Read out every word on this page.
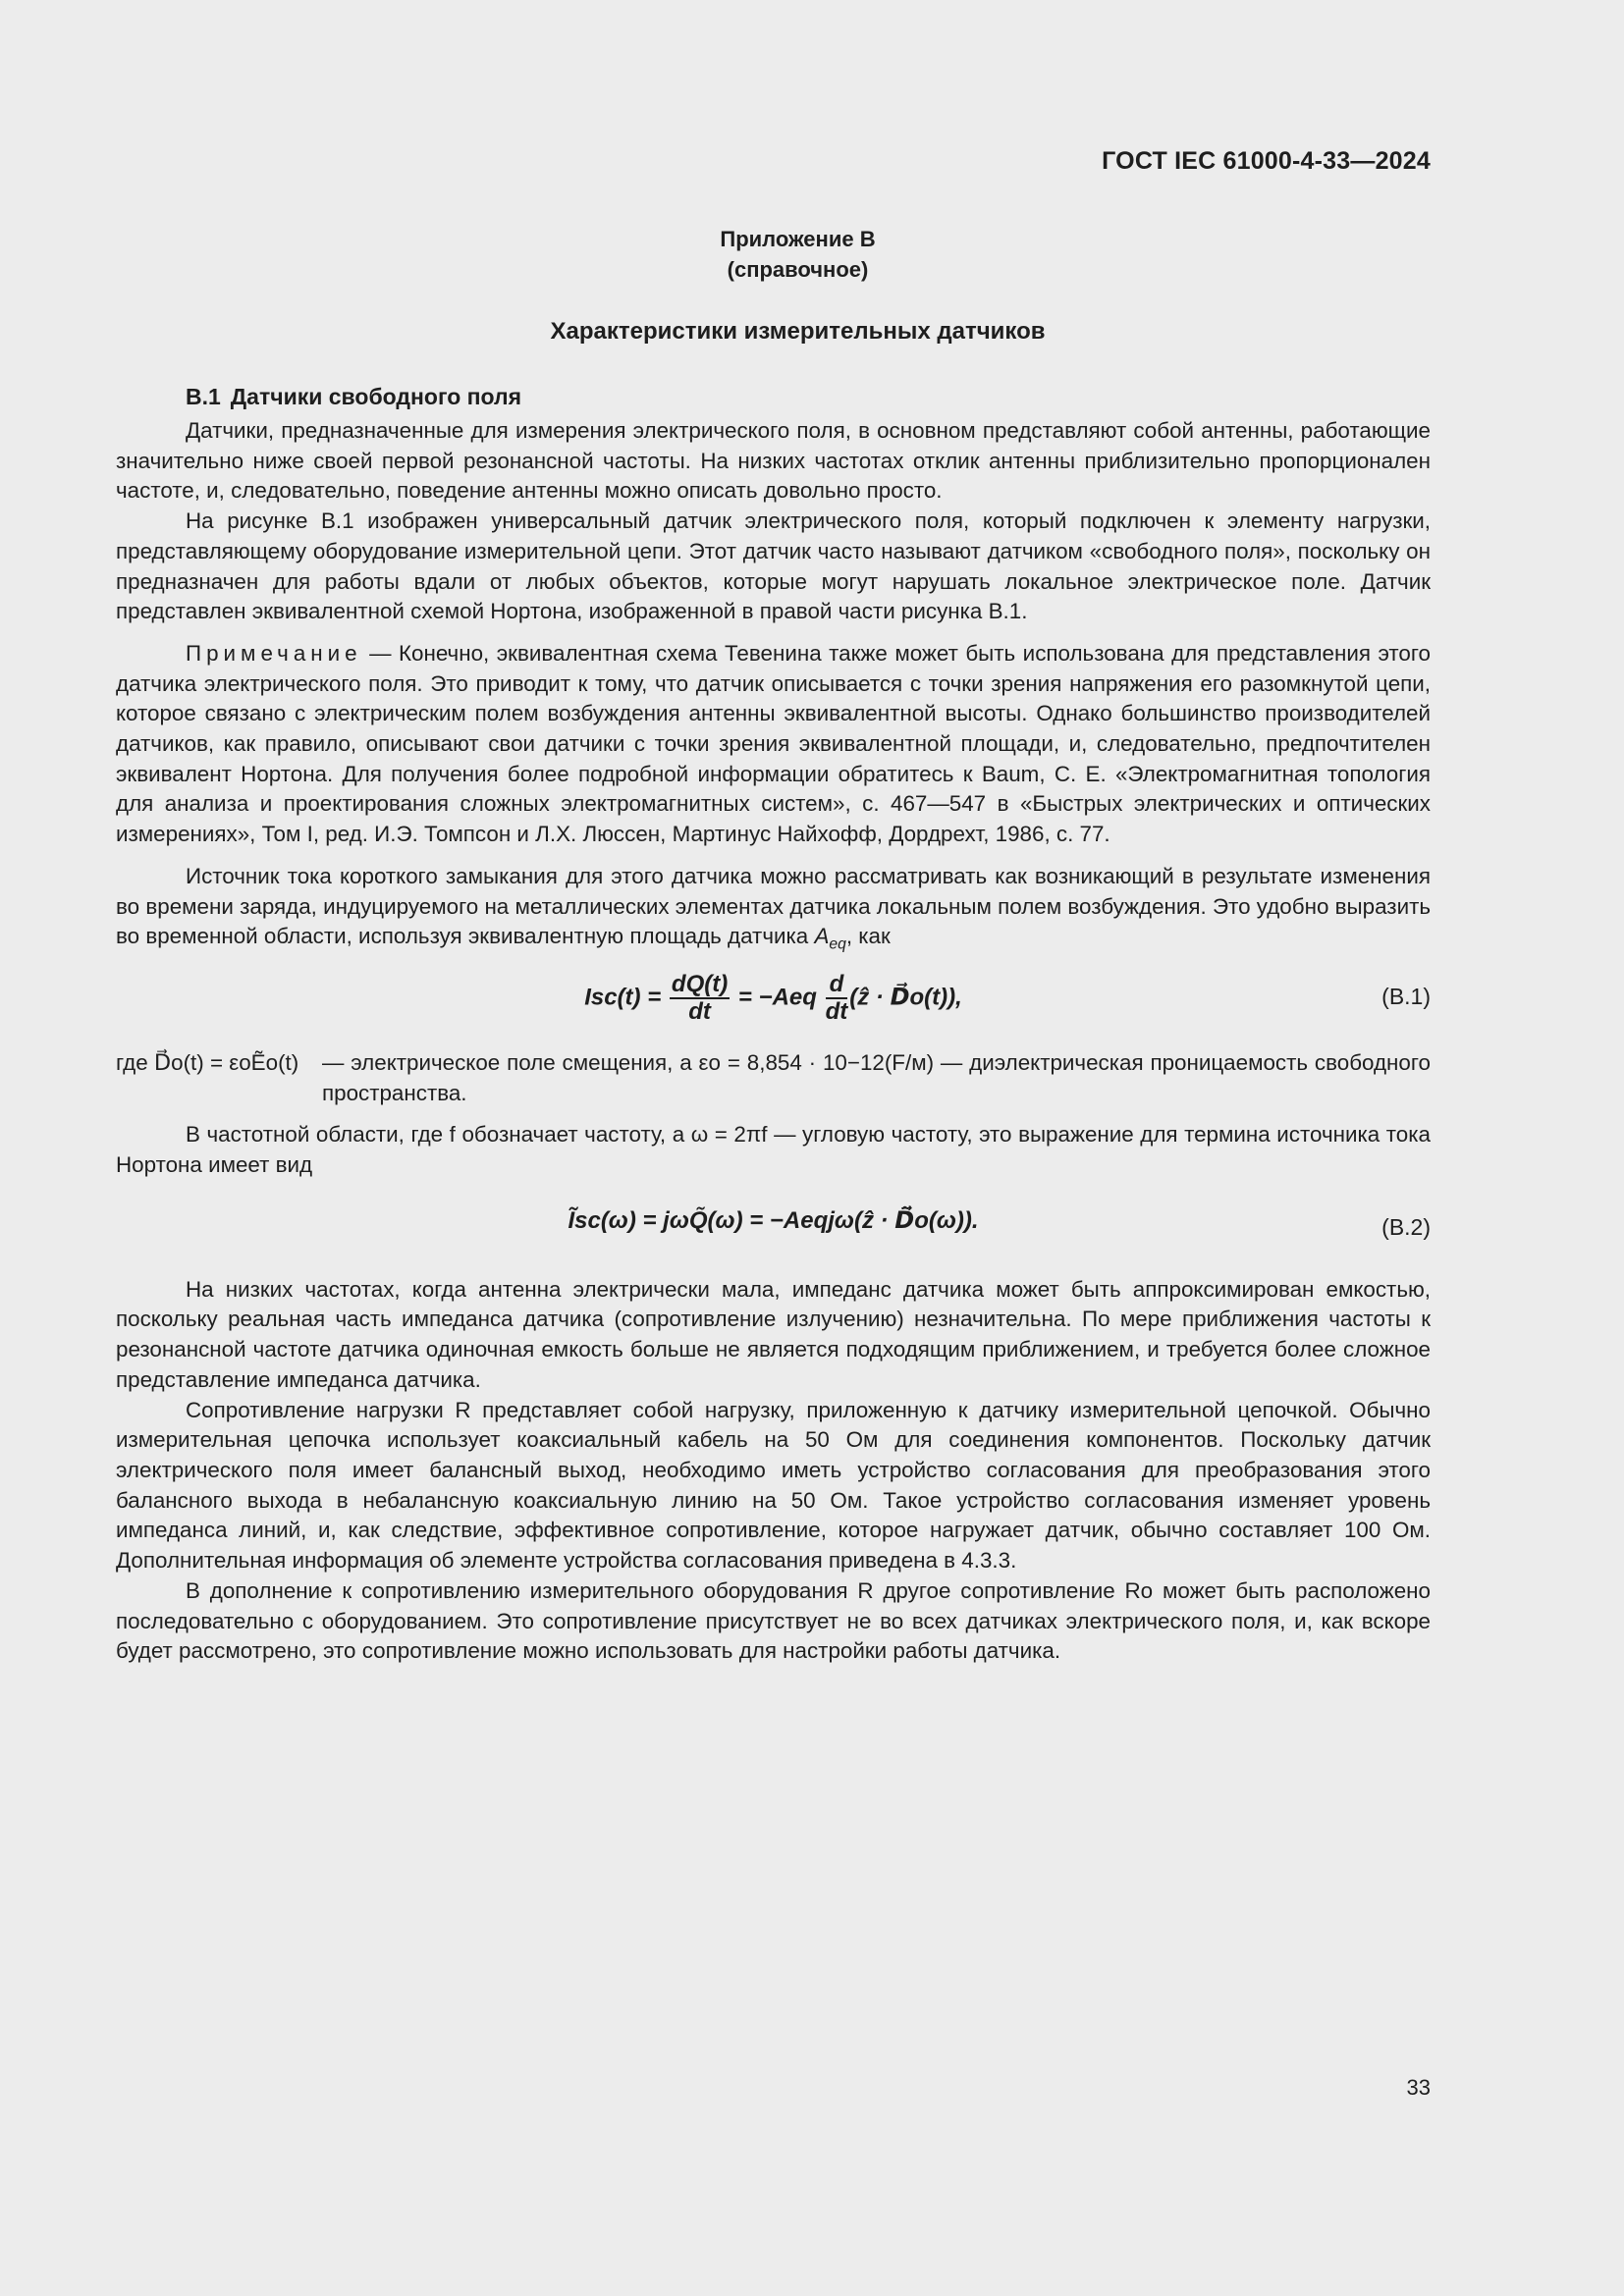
ГОСТ IEC 61000-4-33—2024
Приложение В
(справочное)
Характеристики измерительных датчиков
В.1 Датчики свободного поля

Датчики, предназначенные для измерения электрического поля, в основном представляют собой антенны, работающие значительно ниже своей первой резонансной частоты. На низких частотах отклик антенны приблизительно пропорционален частоте, и, следовательно, поведение антенны можно описать довольно просто.

На рисунке В.1 изображен универсальный датчик электрического поля, который подключен к элементу нагрузки, представляющему оборудование измерительной цепи. Этот датчик часто называют датчиком «свободного поля», поскольку он предназначен для работы вдали от любых объектов, которые могут нарушать локальное электрическое поле. Датчик представлен эквивалентной схемой Нортона, изображенной в правой части рисунка В.1.

Примечание — Конечно, эквивалентная схема Тевенина также может быть использована для представления этого датчика электрического поля. Это приводит к тому, что датчик описывается с точки зрения напряжения его разомкнутой цепи, которое связано с электрическим полем возбуждения антенны эквивалентной высоты. Однако большинство производителей датчиков, как правило, описывают свои датчики с точки зрения эквивалентной площади, и, следовательно, предпочтителен эквивалент Нортона. Для получения более подробной информации обратитесь к Baum, C. E. «Электромагнитная топология для анализа и проектирования сложных электромагнитных систем», с. 467—547 в «Быстрых электрических и оптических измерениях», Том I, ред. И.Э. Томпсон и Л.Х. Люссен, Мартинус Найхофф, Дордрехт, 1986, с. 77.

Источник тока короткого замыкания для этого датчика можно рассматривать как возникающий в результате изменения во времени заряда, индуцируемого на металлических элементах датчика локальным полем возбуждения. Это удобно выразить во временной области, используя эквивалентную площадь датчика $A_{eq}$, как

$Isc(t) = \frac{dQ(t)}{dt} = -Aeq \frac{d}{dt}$ (ẑ · D⃗o(t)),	(В.1)
где D⃗o(t) = εoẼo(t)	— электрическое поле смещения, а εo = 8,854 · 10−12(F/м) — диэлектрическая проницаемость свободного пространства.

В частотной области, где f обозначает частоту, а ω = 2πf — угловую частоту, это выражение для термина источника тока Нортона имеет вид

Ĩsc(ω) = jωQ̃(ω) = −Aeqjω(ẑ · D̃⃗o(ω)).	(В.2)

На низких частотах, когда антенна электрически мала, импеданс датчика может быть аппроксимирован емкостью, поскольку реальная часть импеданса датчика (сопротивление излучению) незначительна. По мере приближения частоты к резонансной частоте датчика одиночная емкость больше не является подходящим приближением, и требуется более сложное представление импеданса датчика.

Сопротивление нагрузки R представляет собой нагрузку, приложенную к датчику измерительной цепочкой. Обычно измерительная цепочка использует коаксиальный кабель на 50 Ом для соединения компонентов. Поскольку датчик электрического поля имеет балансный выход, необходимо иметь устройство согласования для преобразования этого балансного выхода в небалансную коаксиальную линию на 50 Ом. Такое устройство согласования изменяет уровень импеданса линий, и, как следствие, эффективное сопротивление, которое нагружает датчик, обычно составляет 100 Ом. Дополнительная информация об элементе устройства согласования приведена в 4.3.3.

В дополнение к сопротивлению измерительного оборудования R другое сопротивление Ro может быть расположено последовательно с оборудованием. Это сопротивление присутствует не во всех датчиках электрического поля, и, как вскоре будет рассмотрено, это сопротивление можно использовать для настройки работы датчика.

33
